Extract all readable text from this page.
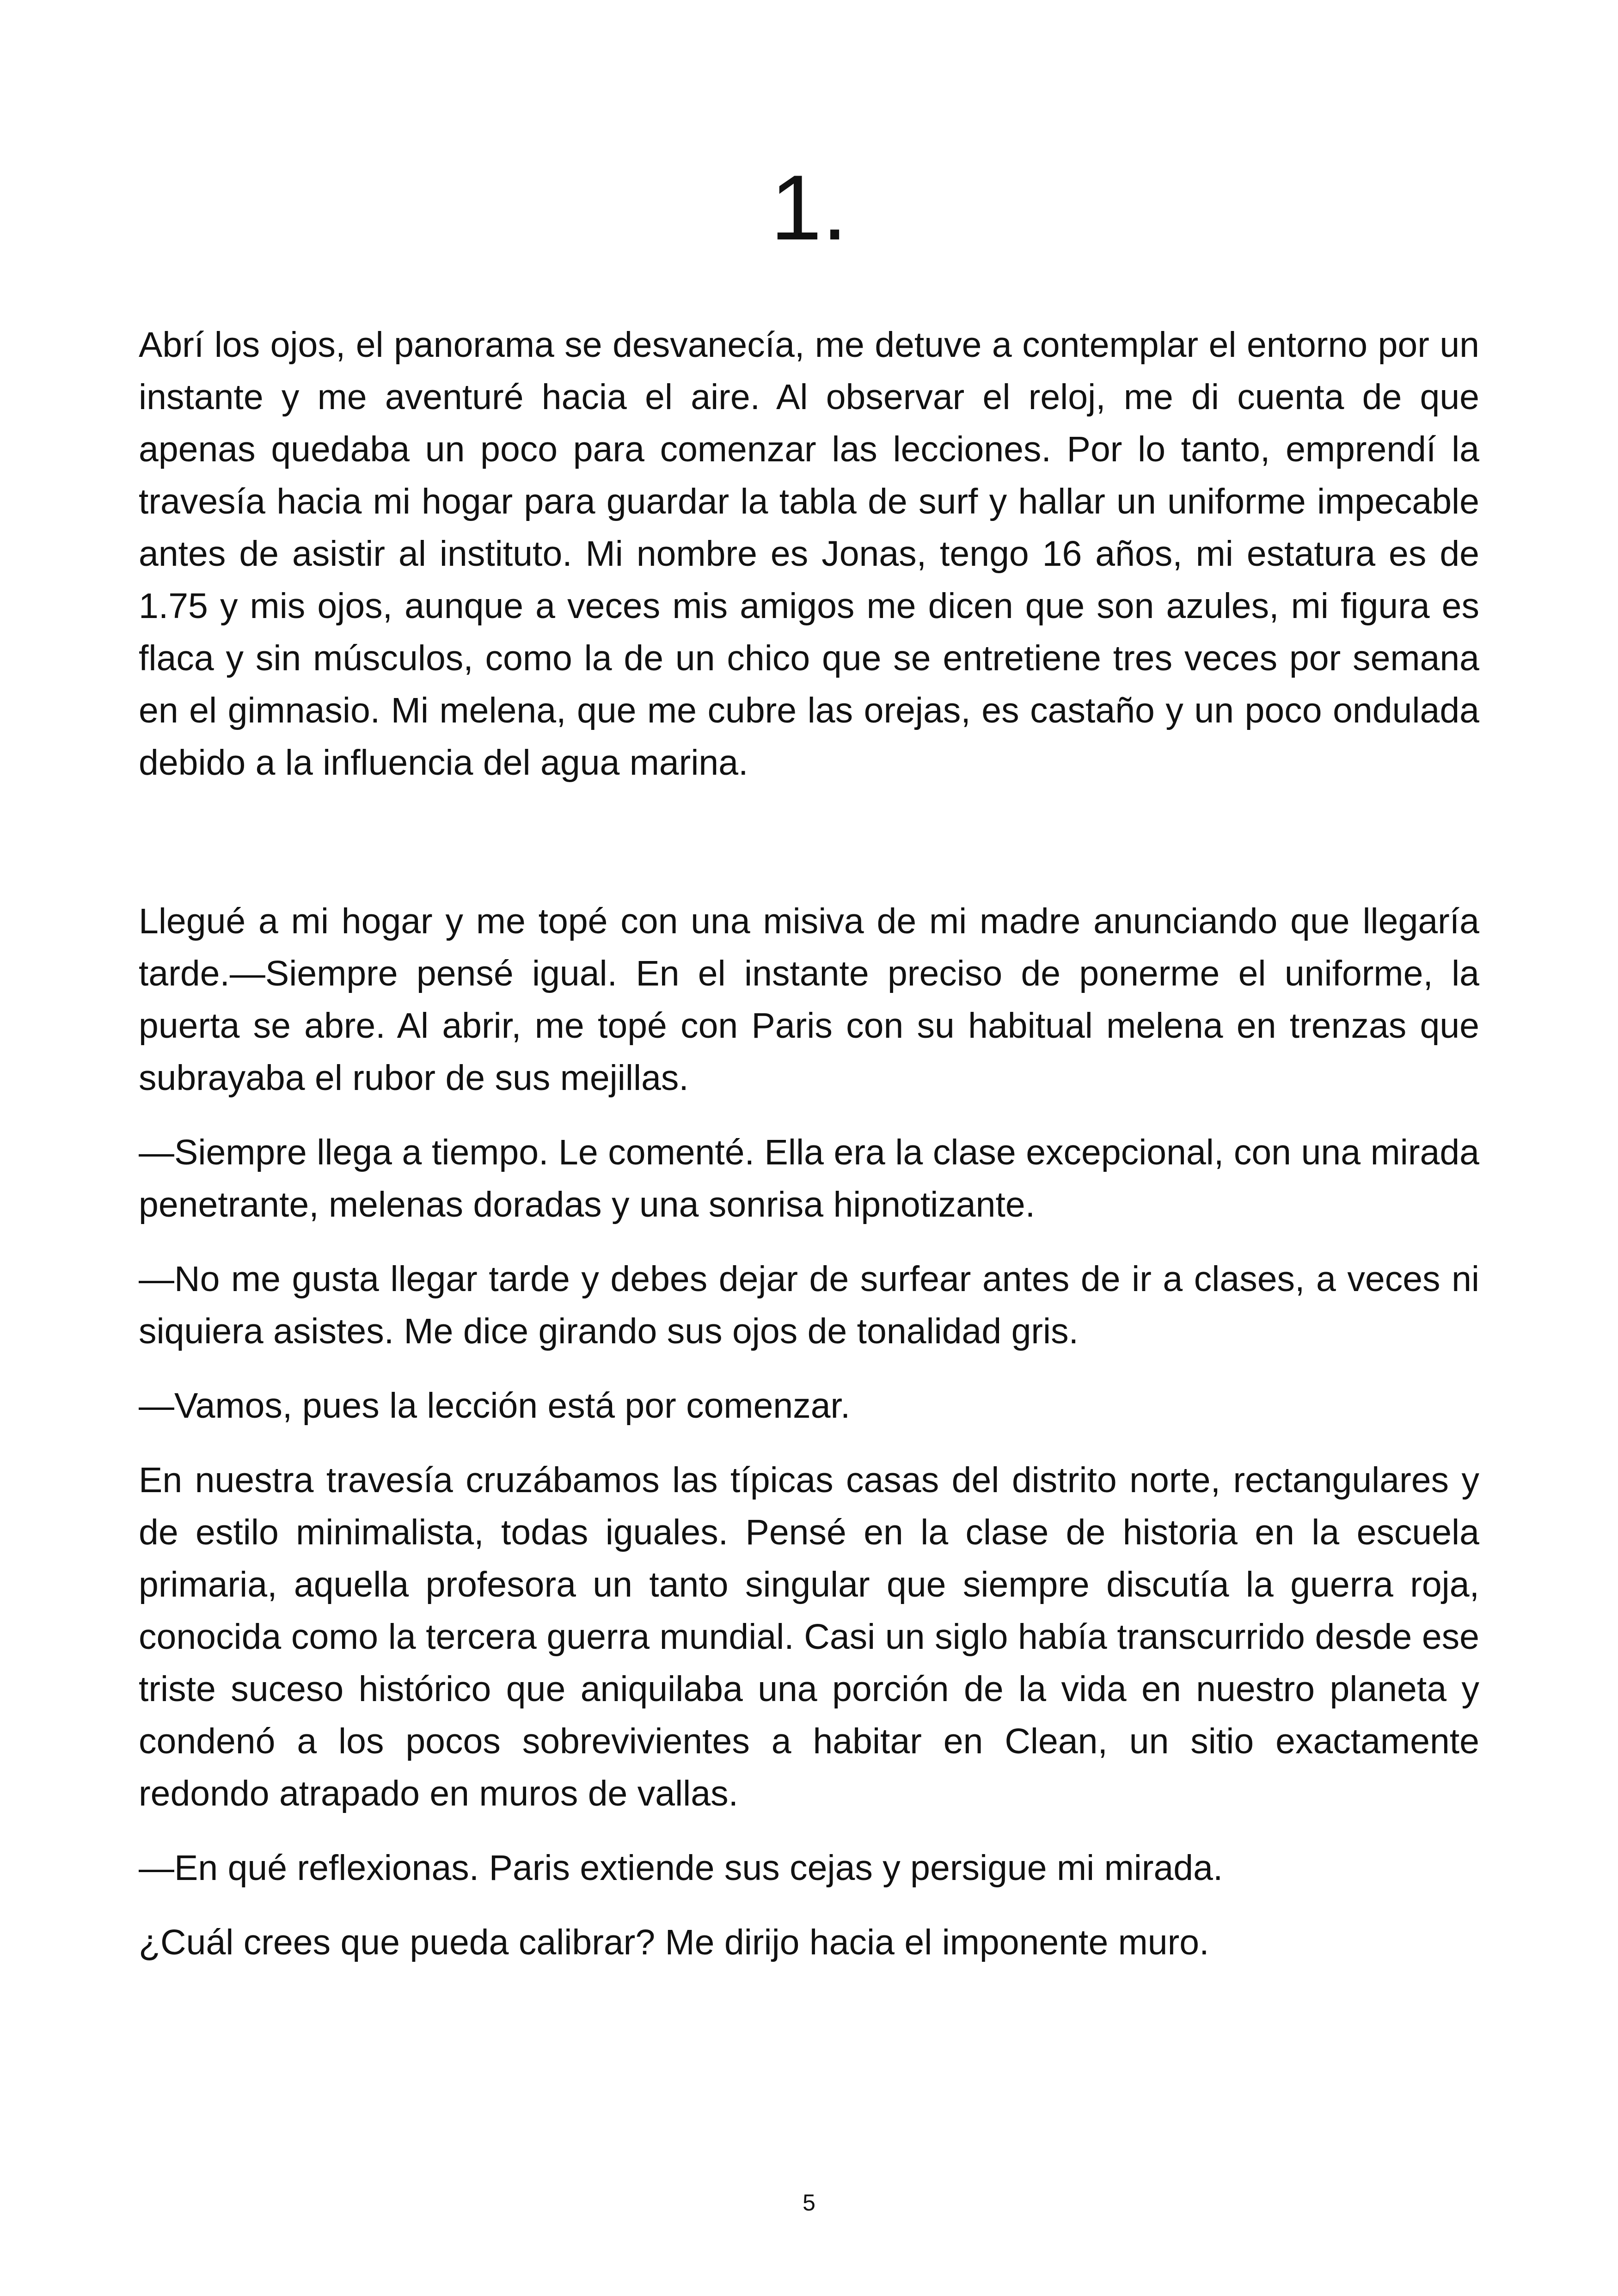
1.

Abrí los ojos, el panorama se desvanecía, me detuve a contemplar el entorno por un instante y me aventuré hacia el aire. Al observar el reloj, me di cuenta de que apenas quedaba un poco para comenzar las lecciones. Por lo tanto, emprendí la travesía hacia mi hogar para guardar la tabla de surf y hallar un uniforme impecable antes de asistir al instituto. Mi nombre es Jonas, tengo 16 años, mi estatura es de 1.75 y mis ojos, aunque a veces mis amigos me dicen que son azules, mi figura es flaca y sin músculos, como la de un chico que se entretiene tres veces por semana en el gimnasio. Mi melena, que me cubre las orejas, es castaño y un poco ondulada debido a la influencia del agua marina.

Llegué a mi hogar y me topé con una misiva de mi madre anunciando que llegaría tarde.—Siempre pensé igual. En el instante preciso de ponerme el uniforme, la puerta se abre. Al abrir, me topé con Paris con su habitual melena en trenzas que subrayaba el rubor de sus mejillas.

—Siempre llega a tiempo. Le comenté. Ella era la clase excepcional, con una mirada penetrante, melenas doradas y una sonrisa hipnotizante.

—No me gusta llegar tarde y debes dejar de surfear antes de ir a clases, a veces ni siquiera asistes. Me dice girando sus ojos de tonalidad gris.

—Vamos, pues la lección está por comenzar.

En nuestra travesía cruzábamos las típicas casas del distrito norte, rectangulares y de estilo minimalista, todas iguales. Pensé en la clase de historia en la escuela primaria, aquella profesora un tanto singular que siempre discutía la guerra roja, conocida como la tercera guerra mundial. Casi un siglo había transcurrido desde ese triste suceso histórico que aniquilaba una porción de la vida en nuestro planeta y condenó a los pocos sobrevivientes a habitar en Clean, un sitio exactamente redondo atrapado en muros de vallas.

—En qué reflexionas. Paris extiende sus cejas y persigue mi mirada.

¿Cuál crees que pueda calibrar? Me dirijo hacia el imponente muro.

5
